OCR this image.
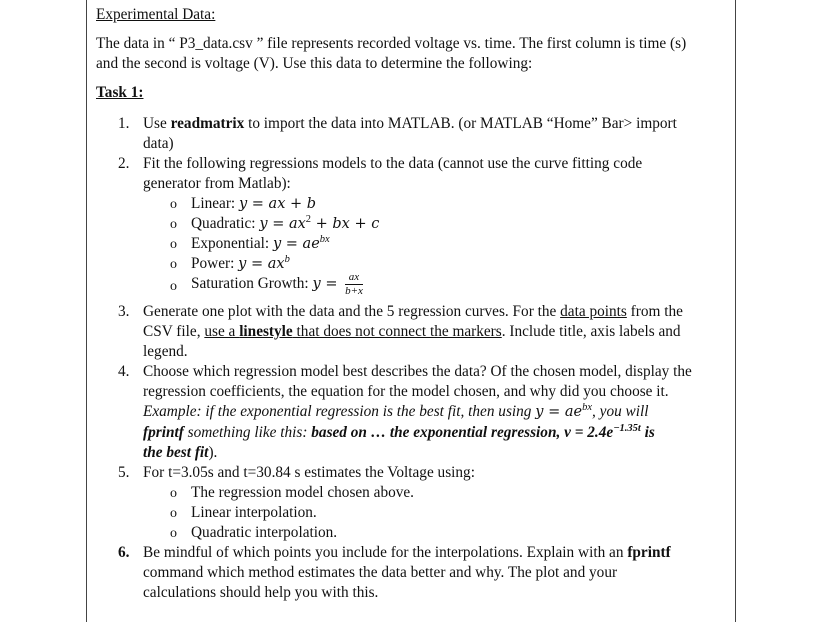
Experimental Data:
The data in “ P3_data.csv ” file represents recorded voltage vs. time. The first column is time (s)
and the second is voltage (V). Use this data to determine the following:
Task 1:
1. Use readmatrix to import the data into MATLAB. (or MATLAB “Home” Bar> import
data)
2. Fit the following regressions models to the data (cannot use the curve fitting code
generator from Matlab):
o Linear: y = ax + b
o Quadratic: $y = ax^2$ + bx + c
o Exponential: $y = ae^{bx}$
o Power: $y = ax^b$
o Saturation Growth: $y = \frac{ax}{b+x}$
3. Generate one plot with the data and the 5 regression curves. For the data points from the
CSV file, use a linestyle that does not connect the markers. Include title, axis labels and
legend.
4. Choose which regression model best describes the data? Of the chosen model, display the
regression coefficients, the equation for the model chosen, and why did you choose it.
Example: if the exponential regression is the best fit, then using $y = ae^{bx}$, you will
fprintf something like this: based on … the exponential regression, $v = 2.4e^{-1.35t}$ is
the best fit).
5. For t=3.05s and t=30.84 s estimates the Voltage using:
o The regression model chosen above.
o Linear interpolation.
o Quadratic interpolation.
6. Be mindful of which points you include for the interpolations. Explain with an fprintf
command which method estimates the data better and why. The plot and your
calculations should help you with this.
